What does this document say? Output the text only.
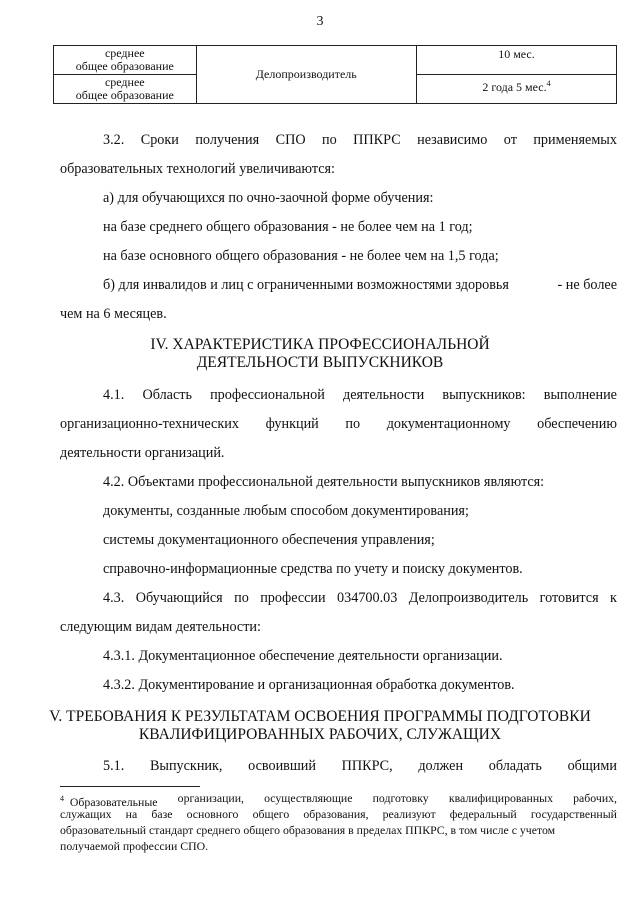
3
среднее
общее образование	Делопроизводитель	10 мес.

среднее
общее образование		2 года 5 мес.$^4$
3.2. Сроки получения СПО по ППКРС независимо от применяемых
образовательных технологий увеличиваются:
а) для обучающихся по очно-заочной форме обучения:
на базе среднего общего образования - не более чем на 1 год;
на базе основного общего образования - не более чем на 1,5 года;
б) для инвалидов и лиц с ограниченными возможностями здоровья	- не более
чем на 6 месяцев.
IV. ХАРАКТЕРИСТИКА ПРОФЕССИОНАЛЬНОЙ
ДЕЯТЕЛЬНОСТИ ВЫПУСКНИКОВ
4.1. Область профессиональной деятельности выпускников: выполнение
организационно-технических функций по документационному обеспечению
деятельности организаций.
4.2. Объектами профессиональной деятельности выпускников являются:
документы, созданные любым способом документирования;
системы документационного обеспечения управления;
справочно-информационные средства по учету и поиску документов.
4.3. Обучающийся по профессии 034700.03 Делопроизводитель готовится к
следующим видам деятельности:
4.3.1. Документационное обеспечение деятельности организации.
4.3.2. Документирование и организационная обработка документов.
V. ТРЕБОВАНИЯ К РЕЗУЛЬТАТАМ ОСВОЕНИЯ ПРОГРАММЫ ПОДГОТОВКИ
КВАЛИФИЦИРОВАННЫХ РАБОЧИХ, СЛУЖАЩИХ
5.1. Выпускник, освоивший ППКРС, должен обладать общими
$^4$ Образовательные организации, осуществляющие подготовку квалифицированных рабочих,
служащих на базе основного общего образования, реализуют федеральный государственный
образовательный стандарт среднего общего образования в пределах ППКРС, в том числе с учетом
получаемой профессии СПО.
